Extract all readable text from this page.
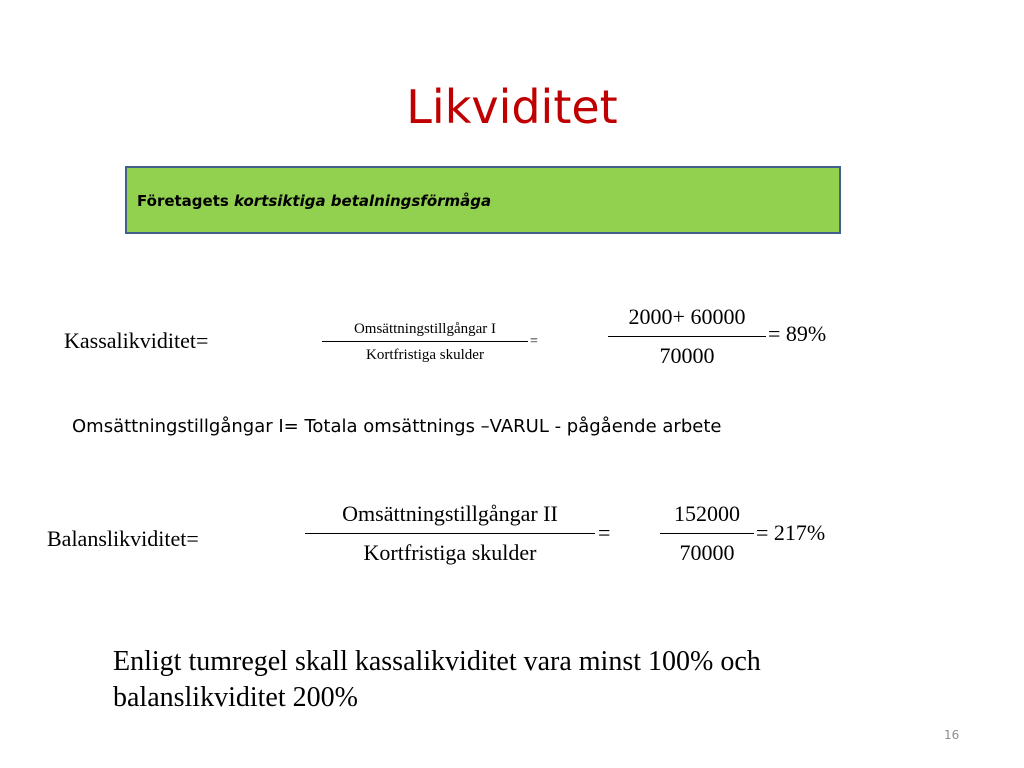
Likviditet
Företagets kortsiktiga betalningsförmåga
Kassalikviditet=	Omsättningstillgångar I
Kortfristiga skulder
=
2000+ 60000
70000
= 89%
Omsättningstillgångar I= Totala omsättnings –VARUL - pågående arbete
Balanslikviditet=
Omsättningstillgångar II
Kortfristiga skulder
=
152000
70000
= 217%
Enligt tumregel skall kassalikviditet vara minst 100% och balanslikviditet 200%
16
